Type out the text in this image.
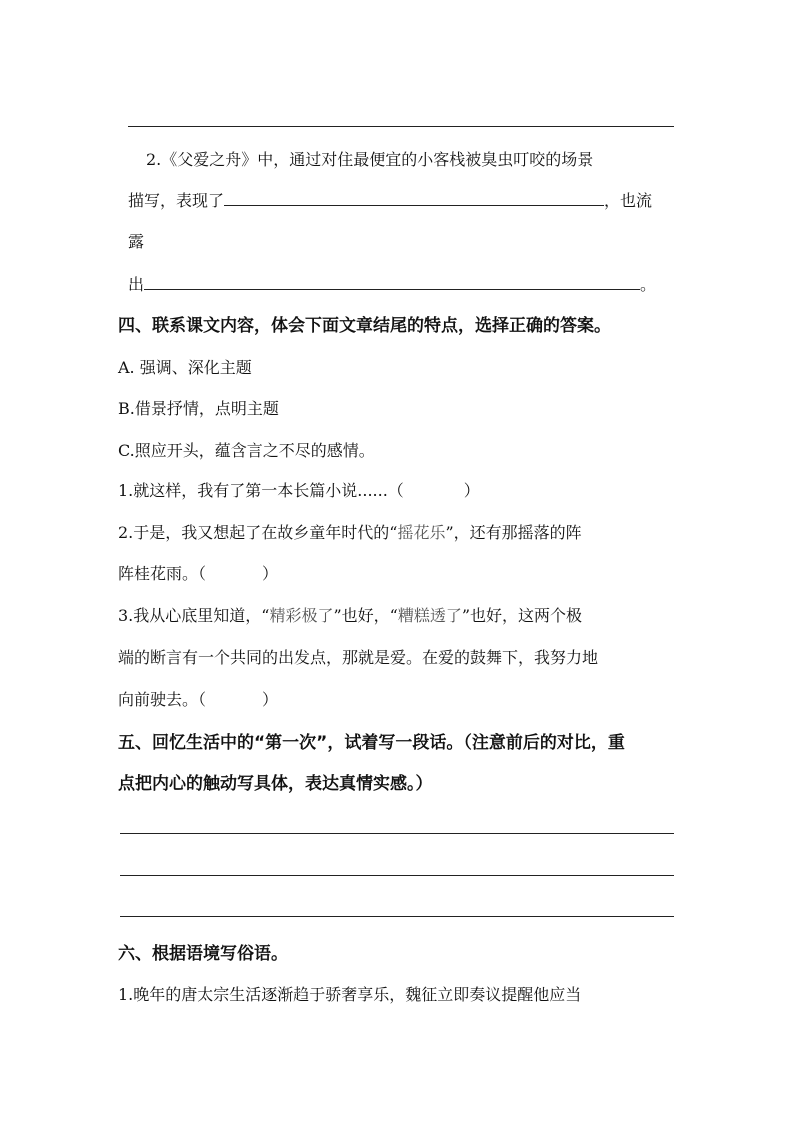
2.《父爱之舟》中，通过对住最便宜的小客栈被臭虫叮咬的场景
描写，表现了	，也流
露
出	。
四、联系课文内容，体会下面文章结尾的特点，选择正确的答案。
A. 强调、深化主题
B.借景抒情，点明主题
C.照应开头，蕴含言之不尽的感情。
1.就这样，我有了第一本长篇小说......（	）
2.于是，我又想起了在故乡童年时代的“摇花乐”，还有那摇落的阵
阵桂花雨。（	）
3.我从心底里知道，“精彩极了”也好，“糟糕透了”也好，这两个极
端的断言有一个共同的出发点，那就是爱。在爱的鼓舞下，我努力地
向前驶去。（	）
五、回忆生活中的“第一次”，试着写一段话。（注意前后的对比，重
点把内心的触动写具体，表达真情实感。）
六、根据语境写俗语。
1.晚年的唐太宗生活逐渐趋于骄奢享乐，魏征立即奏议提醒他应当
